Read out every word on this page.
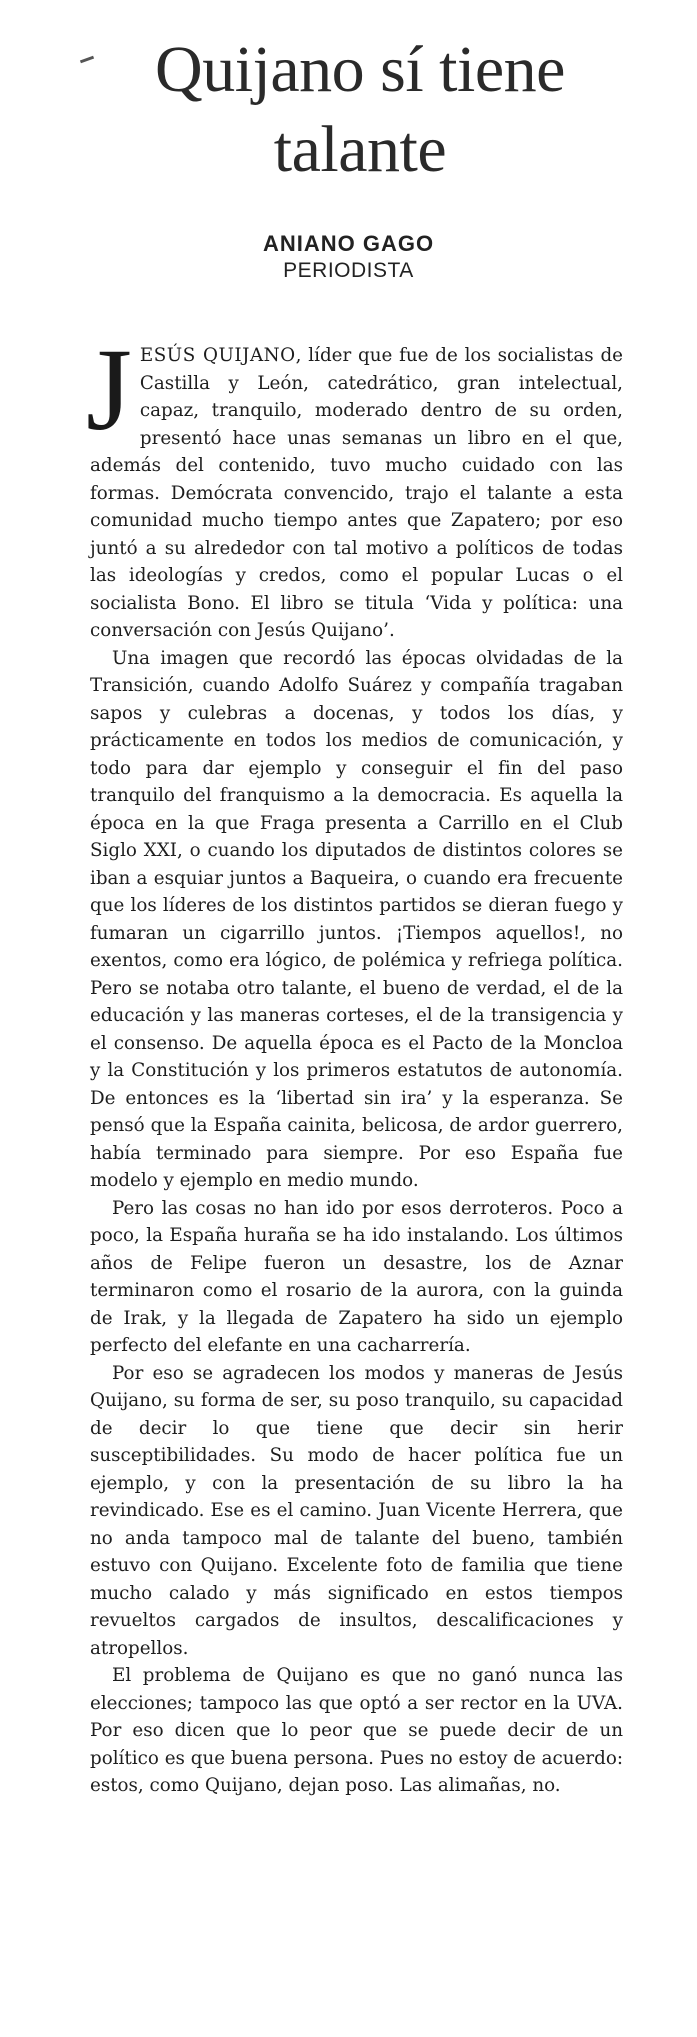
Quijano sí tiene
talante
ANIANO GAGO
PERIODISTA

JESÚS QUIJANO, líder que fue de los socialistas de Castilla y León, catedrático, gran intelectual, capaz, tranquilo, moderado dentro de su orden, presentó hace unas semanas un libro en el que, además del contenido, tuvo mucho cuidado con las formas. Demócrata convencido, trajo el talante a esta comunidad mucho tiempo antes que Zapatero; por eso juntó a su alrededor con tal motivo a políticos de todas las ideologías y credos, como el popular Lucas o el socialista Bono. El libro se titula ‘Vida y política: una conversación con Jesús Quijano’.

Una imagen que recordó las épocas olvidadas de la Transición, cuando Adolfo Suárez y compañía tragaban sapos y culebras a docenas, y todos los días, y prácticamente en todos los medios de comunicación, y todo para dar ejemplo y conseguir el fin del paso tranquilo del franquismo a la democracia. Es aquella la época en la que Fraga presenta a Carrillo en el Club Siglo XXI, o cuando los diputados de distintos colores se iban a esquiar juntos a Baqueira, o cuando era frecuente que los líderes de los distintos partidos se dieran fuego y fumaran un cigarrillo juntos. ¡Tiempos aquellos!, no exentos, como era lógico, de polémica y refriega política. Pero se notaba otro talante, el bueno de verdad, el de la educación y las maneras corteses, el de la transigencia y el consenso. De aquella época es el Pacto de la Moncloa y la Constitución y los primeros estatutos de autonomía. De entonces es la ‘libertad sin ira’ y la esperanza. Se pensó que la España cainita, belicosa, de ardor guerrero, había terminado para siempre. Por eso España fue modelo y ejemplo en medio mundo.

Pero las cosas no han ido por esos derroteros. Poco a poco, la España huraña se ha ido instalando. Los últimos años de Felipe fueron un desastre, los de Aznar terminaron como el rosario de la aurora, con la guinda de Irak, y la llegada de Zapatero ha sido un ejemplo perfecto del elefante en una cacharrería.

Por eso se agradecen los modos y maneras de Jesús Quijano, su forma de ser, su poso tranquilo, su capacidad de decir lo que tiene que decir sin herir susceptibilidades. Su modo de hacer política fue un ejemplo, y con la presentación de su libro la ha revindicado. Ese es el camino. Juan Vicente Herrera, que no anda tampoco mal de talante del bueno, también estuvo con Quijano. Excelente foto de familia que tiene mucho calado y más significado en estos tiempos revueltos cargados de insultos, descalificaciones y atropellos.

El problema de Quijano es que no ganó nunca las elecciones; tampoco las que optó a ser rector en la UVA. Por eso dicen que lo peor que se puede decir de un político es que buena persona. Pues no estoy de acuerdo: estos, como Quijano, dejan poso. Las alimañas, no.
